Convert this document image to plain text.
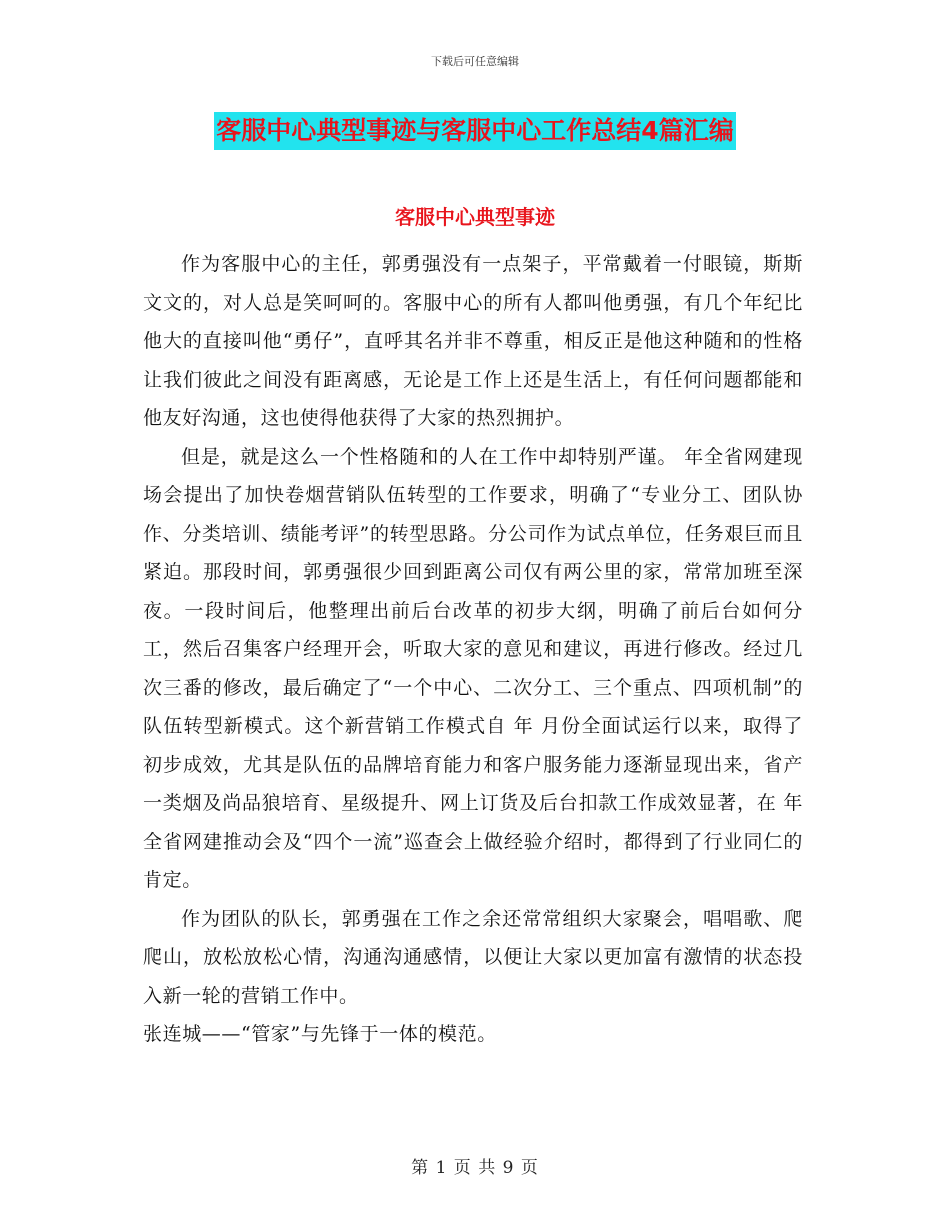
下载后可任意编辑
客服中心典型事迹与客服中心工作总结4篇汇编
客服中心典型事迹

作为客服中心的主任，郭勇强没有一点架子，平常戴着一付眼镜，斯斯文文的，对人总是笑呵呵的。客服中心的所有人都叫他勇强，有几个年纪比他大的直接叫他“勇仔”，直呼其名并非不尊重，相反正是他这种随和的性格让我们彼此之间没有距离感，无论是工作上还是生活上，有任何问题都能和他友好沟通，这也使得他获得了大家的热烈拥护。

但是，就是这么一个性格随和的人在工作中却特别严谨。 年全省网建现场会提出了加快卷烟营销队伍转型的工作要求，明确了“专业分工、团队协作、分类培训、绩能考评”的转型思路。分公司作为试点单位，任务艰巨而且紧迫。那段时间，郭勇强很少回到距离公司仅有两公里的家，常常加班至深夜。一段时间后，他整理出前后台改革的初步大纲，明确了前后台如何分工，然后召集客户经理开会，听取大家的意见和建议，再进行修改。经过几次三番的修改，最后确定了“一个中心、二次分工、三个重点、四项机制”的队伍转型新模式。这个新营销工作模式自 年 月份全面试运行以来，取得了初步成效，尤其是队伍的品牌培育能力和客户服务能力逐渐显现出来，省产一类烟及尚品狼培育、星级提升、网上订货及后台扣款工作成效显著，在 年全省网建推动会及“四个一流”巡查会上做经验介绍时，都得到了行业同仁的肯定。

作为团队的队长，郭勇强在工作之余还常常组织大家聚会，唱唱歌、爬爬山，放松放松心情，沟通沟通感情，以便让大家以更加富有激情的状态投入新一轮的营销工作中。

张连城——“管家”与先锋于一体的模范。

第 1 页 共 9 页
